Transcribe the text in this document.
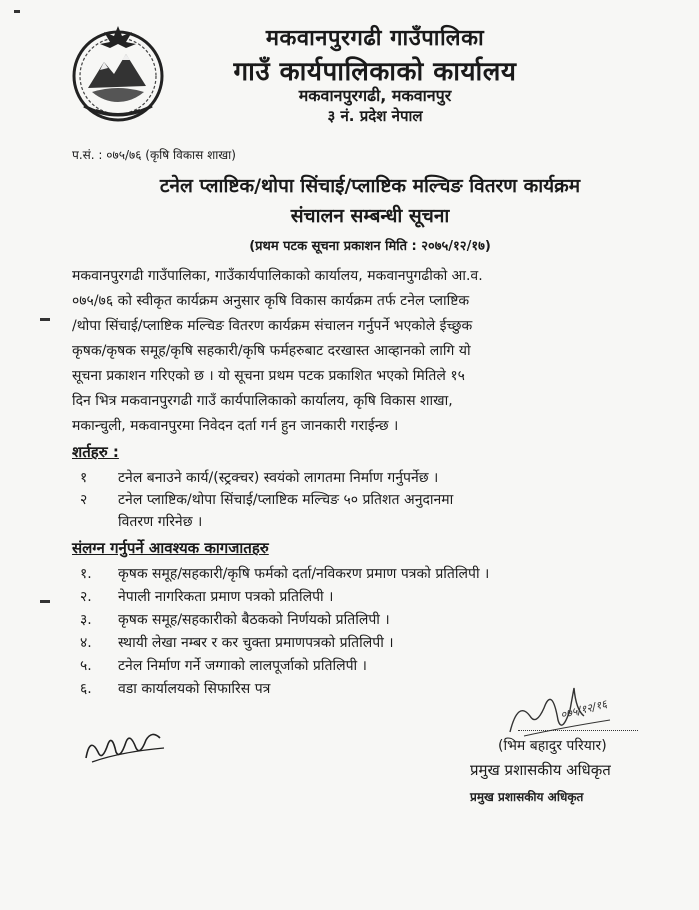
मकवानपुरगढी गाउँपालिका
गाउँ कार्यपालिकाको कार्यालय
मकवानपुरगढी, मकवानपुर
३ नं. प्रदेश नेपाल
प.सं. : ०७५/७६ (कृषि विकास शाखा)
टनेल प्लाष्टिक/थोपा सिंचाई/प्लाष्टिक मल्चिङ वितरण कार्यक्रम
संचालन सम्बन्धी सूचना
(प्रथम पटक सूचना प्रकाशन मिति : २०७५/१२/१७)
मकवानपुरगढी गाउँपालिका, गाउँकार्यपालिकाको कार्यालय, मकवानपुगढीको आ.व.
०७५/७६ को स्वीकृत कार्यक्रम अनुसार कृषि विकास कार्यक्रम तर्फ टनेल प्लाष्टिक
/थोपा सिंचाई/प्लाष्टिक मल्चिङ वितरण कार्यक्रम संचालन गर्नुपर्ने भएकोले ईच्छुक
कृषक/कृषक समूह/कृषि सहकारी/कृषि फर्महरुबाट दरखास्त आव्हानको लागि यो
सूचना प्रकाशन गरिएको छ । यो सूचना प्रथम पटक प्रकाशित भएको मितिले १५
दिन भित्र मकवानपुरगढी गाउँ कार्यपालिकाको कार्यालय, कृषि विकास शाखा,
मकान्चुली, मकवानपुरमा निवेदन दर्ता गर्न हुन जानकारी गराईन्छ ।
शर्तहरु :
१ टनेल बनाउने कार्य/(स्ट्रक्चर) स्वयंको लागतमा निर्माण गर्नुपर्नेछ ।
२ टनेल प्लाष्टिक/थोपा सिंचाई/प्लाष्टिक मल्चिङ ५० प्रतिशत अनुदानमा
वितरण गरिनेछ ।
संलग्न गर्नुपर्ने आवश्यक कागजातहरु
१. कृषक समूह/सहकारी/कृषि फर्मको दर्ता/नविकरण प्रमाण पत्रको प्रतिलिपी ।
२. नेपाली नागरिकता प्रमाण पत्रको प्रतिलिपी ।
३. कृषक समूह/सहकारीको बैठकको निर्णयको प्रतिलिपी ।
४. स्थायी लेखा नम्बर र कर चुक्ता प्रमाणपत्रको प्रतिलिपी ।
५. टनेल निर्माण गर्ने जग्गाको लालपूर्जाको प्रतिलिपी ।
६. वडा कार्यालयको सिफारिस पत्र
०७५/१२/१६
(भिम बहादुर परियार)
प्रमुख प्रशासकीय अधिकृत
प्रमुख प्रशासकीय अधिकृत
